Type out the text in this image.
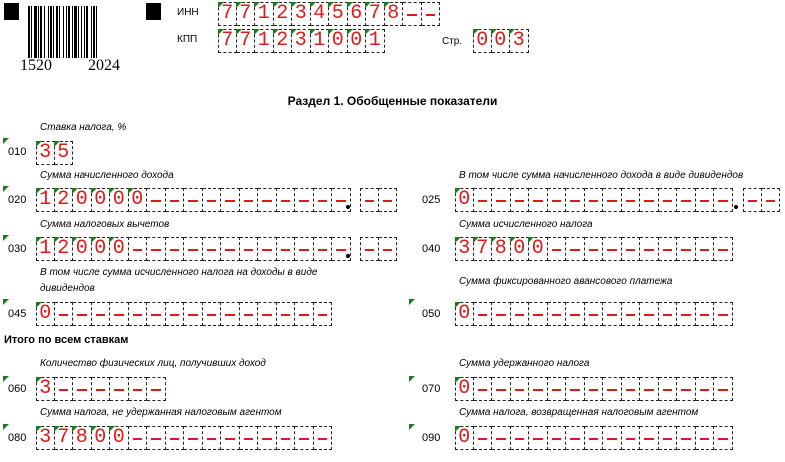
1520 2024
ИНН 7 7 1 2 3 4 5 6 7 8
КПП 7 7 1 2 3 1 0 0 1	Стр. 0 0 3
Раздел 1. Обобщенные показатели
Ставка налога, %
010 3 5
Сумма начисленного дохода
020 1 2 0 0 0 0
В том числе сумма начисленного дохода в виде дивидендов
025 0
Сумма налоговых вычетов
030 1 2 0 0 0
Сумма исчисленного налога
040 3 7 8 0 0
В том числе сумма исчисленного налога на доходы в виде дивидендов
045 0
Сумма фиксированного авансового платежа
050 0
Итого по всем ставкам
Количество физических лиц, получивших доход
060 3
Сумма удержанного налога
070 0
Сумма налога, не удержанная налоговым агентом
080 3 7 8 0 0
Сумма налога, возвращенная налоговым агентом
090 0
